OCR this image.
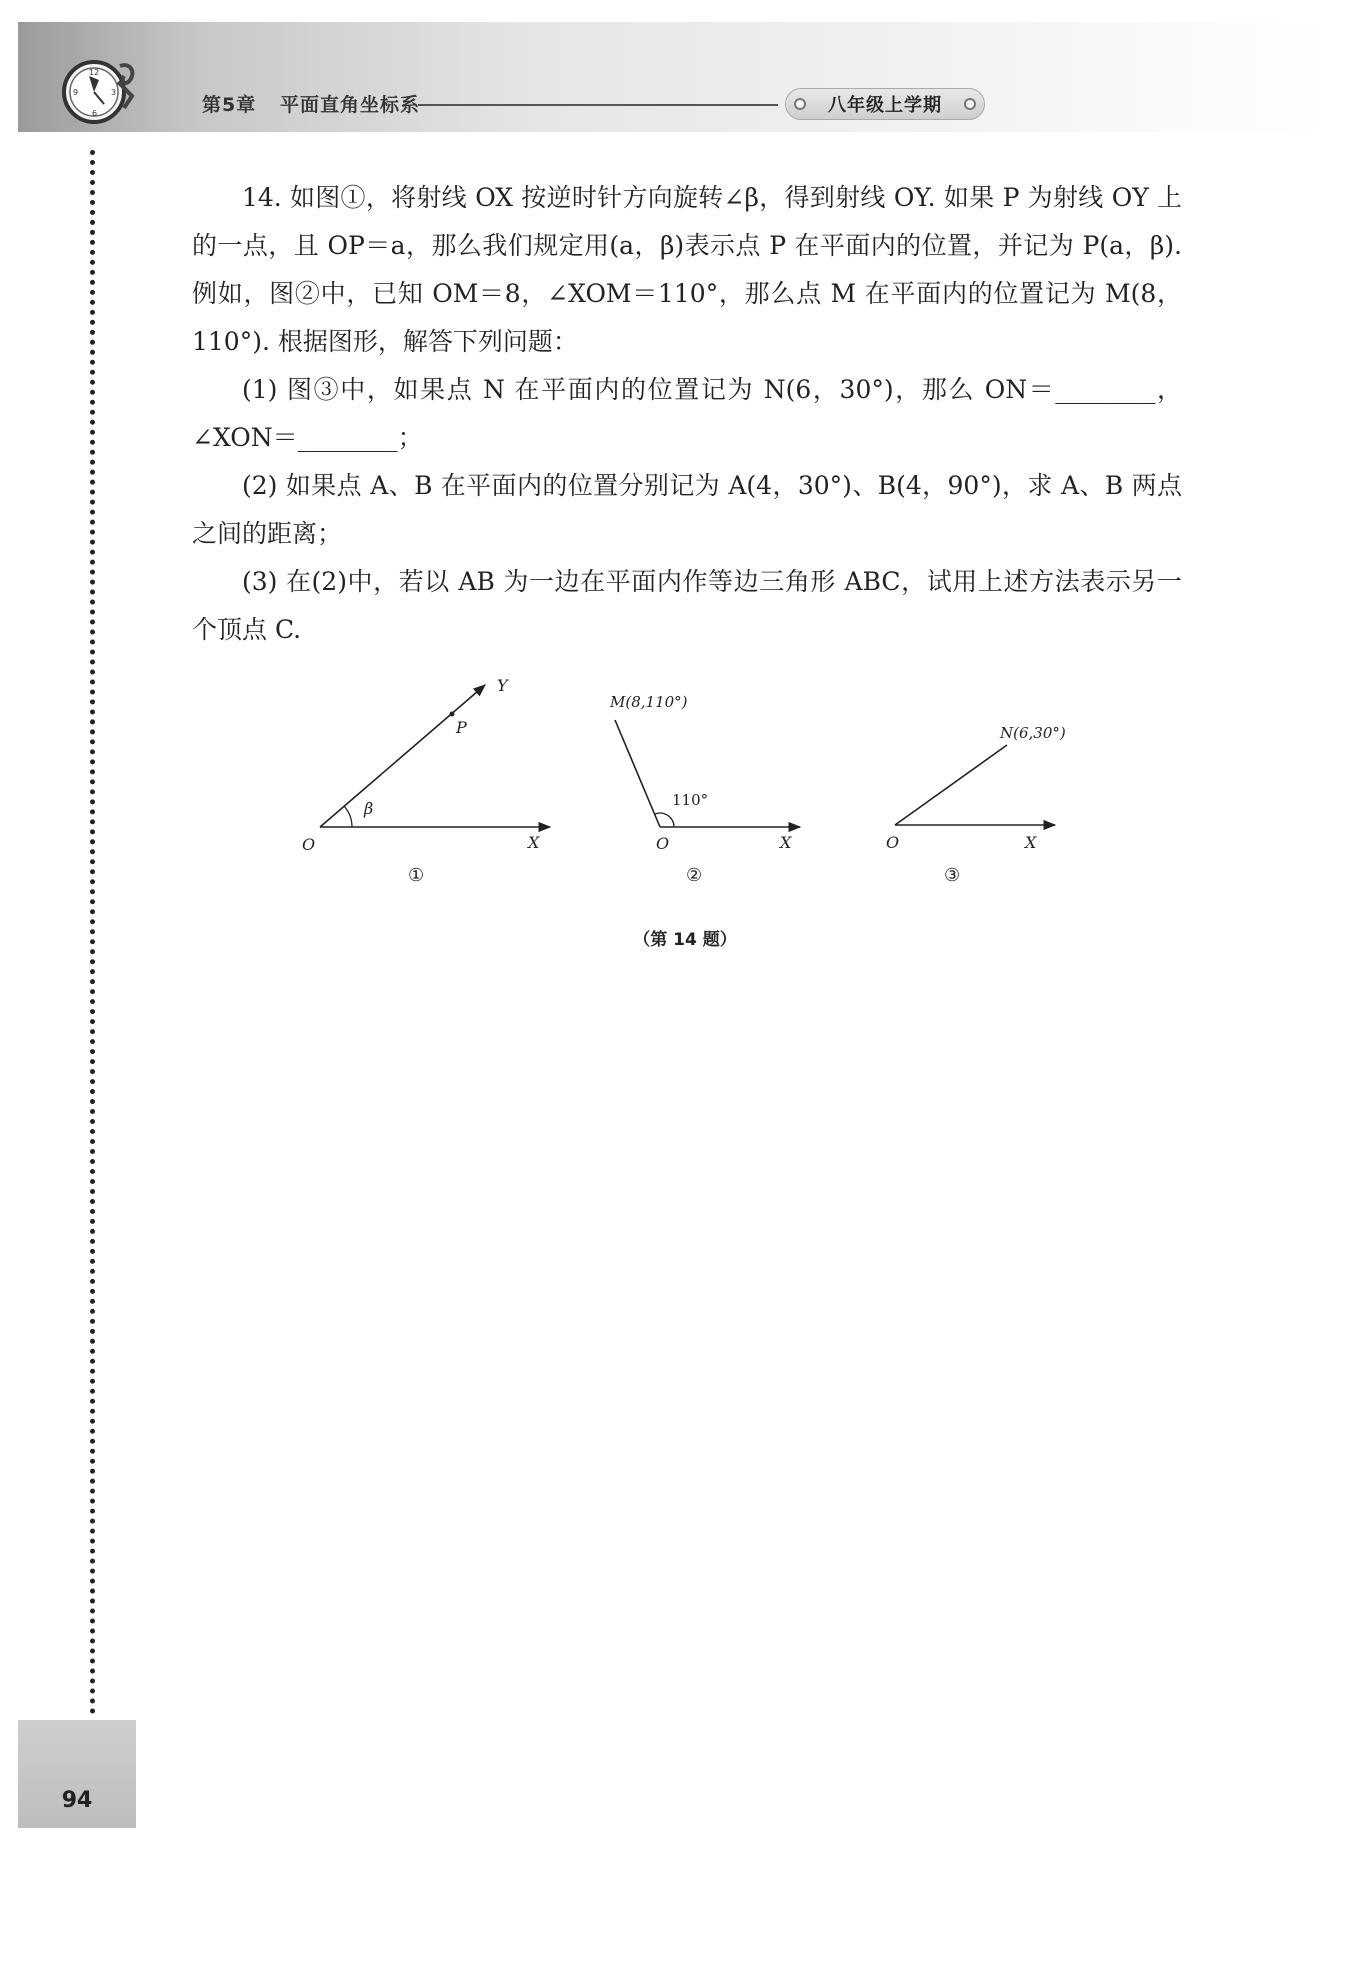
12
3
6
9
第5章 平面直角坐标系	八年级上学期

14. 如图①，将射线 OX 按逆时针方向旋转∠β，得到射线 OY. 如果 P 为射线 OY 上的一点，且 OP＝a，那么我们规定用(a，β)表示点 P 在平面内的位置，并记为 P(a，β). 例如，图②中，已知 OM＝8，∠XOM＝110°，那么点 M 在平面内的位置记为 M(8，110°). 根据图形，解答下列问题：

(1) 图③中，如果点 N 在平面内的位置记为 N(6，30°)，那么 ON＝________，∠XON＝________；

(2) 如果点 A、B 在平面内的位置分别记为 A(4，30°)、B(4，90°)，求 A、B 两点之间的距离；

(3) 在(2)中，若以 AB 为一边在平面内作等边三角形 ABC，试用上述方法表示另一个顶点 C.

O	X
Y
P
β
①
M(8,110°)
110°
O	X
②
N(6,30°)
O	X
③
（第 14 题）
94
